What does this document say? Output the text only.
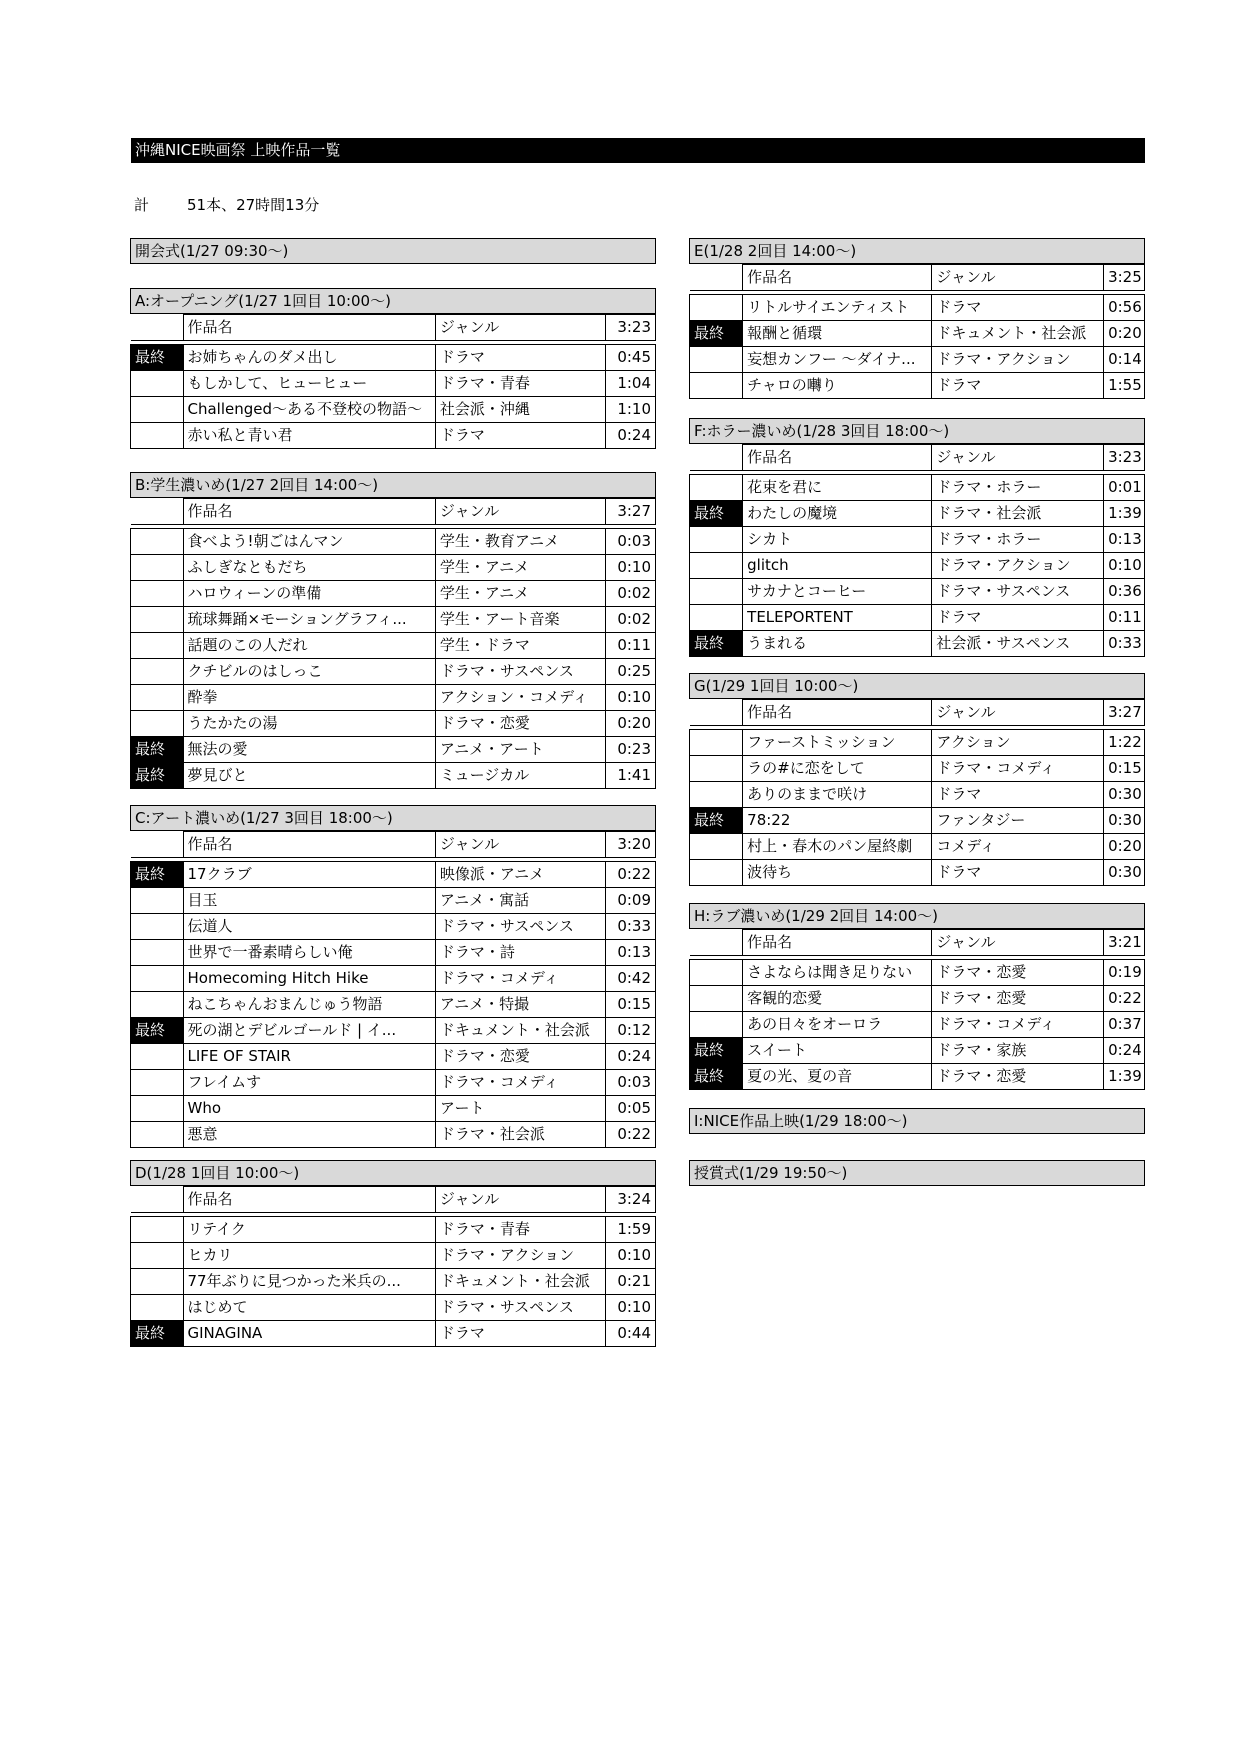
沖縄NICE映画祭 上映作品一覧
計	51本、27時間13分
開会式(1/27 09:30〜)
A:オープニング(1/27 1回目 10:00〜)
	作品名	ジャンル	3:23

最終	お姉ちゃんのダメ出し	ドラマ	0:45
	もしかして、ヒューヒュー	ドラマ・青春	1:04
	Challenged〜ある不登校の物語〜	社会派・沖縄	1:10
	赤い私と青い君	ドラマ	0:24
B:学生濃いめ(1/27 2回目 14:00〜)
	作品名	ジャンル	3:27

	食べよう!朝ごはんマン	学生・教育アニメ	0:03
	ふしぎなともだち	学生・アニメ	0:10
	ハロウィーンの準備	学生・アニメ	0:02
	琉球舞踊×モーショングラフィ...	学生・アート音楽	0:02
	話題のこの人だれ	学生・ドラマ	0:11
	クチビルのはしっこ	ドラマ・サスペンス	0:25
	酔拳	アクション・コメディ	0:10
	うたかたの湯	ドラマ・恋愛	0:20
最終	無法の愛	アニメ・アート	0:23
最終	夢見びと	ミュージカル	1:41
C:アート濃いめ(1/27 3回目 18:00〜)
	作品名	ジャンル	3:20

最終	17クラブ	映像派・アニメ	0:22
	目玉	アニメ・寓話	0:09
	伝道人	ドラマ・サスペンス	0:33
	世界で一番素晴らしい俺	ドラマ・詩	0:13
	Homecoming Hitch Hike	ドラマ・コメディ	0:42
	ねこちゃんおまんじゅう物語	アニメ・特撮	0:15
最終	死の湖とデビルゴールド | イ...	ドキュメント・社会派	0:12
	LIFE OF STAIR	ドラマ・恋愛	0:24
	フレイムす	ドラマ・コメディ	0:03
	Who	アート	0:05
	悪意	ドラマ・社会派	0:22
D(1/28 1回目 10:00〜)
	作品名	ジャンル	3:24

	リテイク	ドラマ・青春	1:59
	ヒカリ	ドラマ・アクション	0:10
	77年ぶりに見つかった米兵の...	ドキュメント・社会派	0:21
	はじめて	ドラマ・サスペンス	0:10
最終	GINAGINA	ドラマ	0:44
E(1/28 2回目 14:00〜)
	作品名	ジャンル	3:25

	リトルサイエンティスト	ドラマ	0:56
最終	報酬と循環	ドキュメント・社会派	0:20
	妄想カンフー 〜ダイナ...	ドラマ・アクション	0:14
	チャロの囀り	ドラマ	1:55
F:ホラー濃いめ(1/28 3回目 18:00〜)
	作品名	ジャンル	3:23

	花束を君に	ドラマ・ホラー	0:01
最終	わたしの魔境	ドラマ・社会派	1:39
	シカト	ドラマ・ホラー	0:13
	glitch	ドラマ・アクション	0:10
	サカナとコーヒー	ドラマ・サスペンス	0:36
	TELEPORTENT	ドラマ	0:11
最終	うまれる	社会派・サスペンス	0:33
G(1/29 1回目 10:00〜)
	作品名	ジャンル	3:27

	ファーストミッション	アクション	1:22
	ラの#に恋をして	ドラマ・コメディ	0:15
	ありのままで咲け	ドラマ	0:30
最終	78:22	ファンタジー	0:30
	村上・春木のパン屋終劇	コメディ	0:20
	波待ち	ドラマ	0:30
H:ラブ濃いめ(1/29 2回目 14:00〜)
	作品名	ジャンル	3:21

	さよならは聞き足りない	ドラマ・恋愛	0:19
	客観的恋愛	ドラマ・恋愛	0:22
	あの日々をオーロラ	ドラマ・コメディ	0:37
最終	スイート	ドラマ・家族	0:24
最終	夏の光、夏の音	ドラマ・恋愛	1:39
I:NICE作品上映(1/29 18:00〜)
授賞式(1/29 19:50〜)
